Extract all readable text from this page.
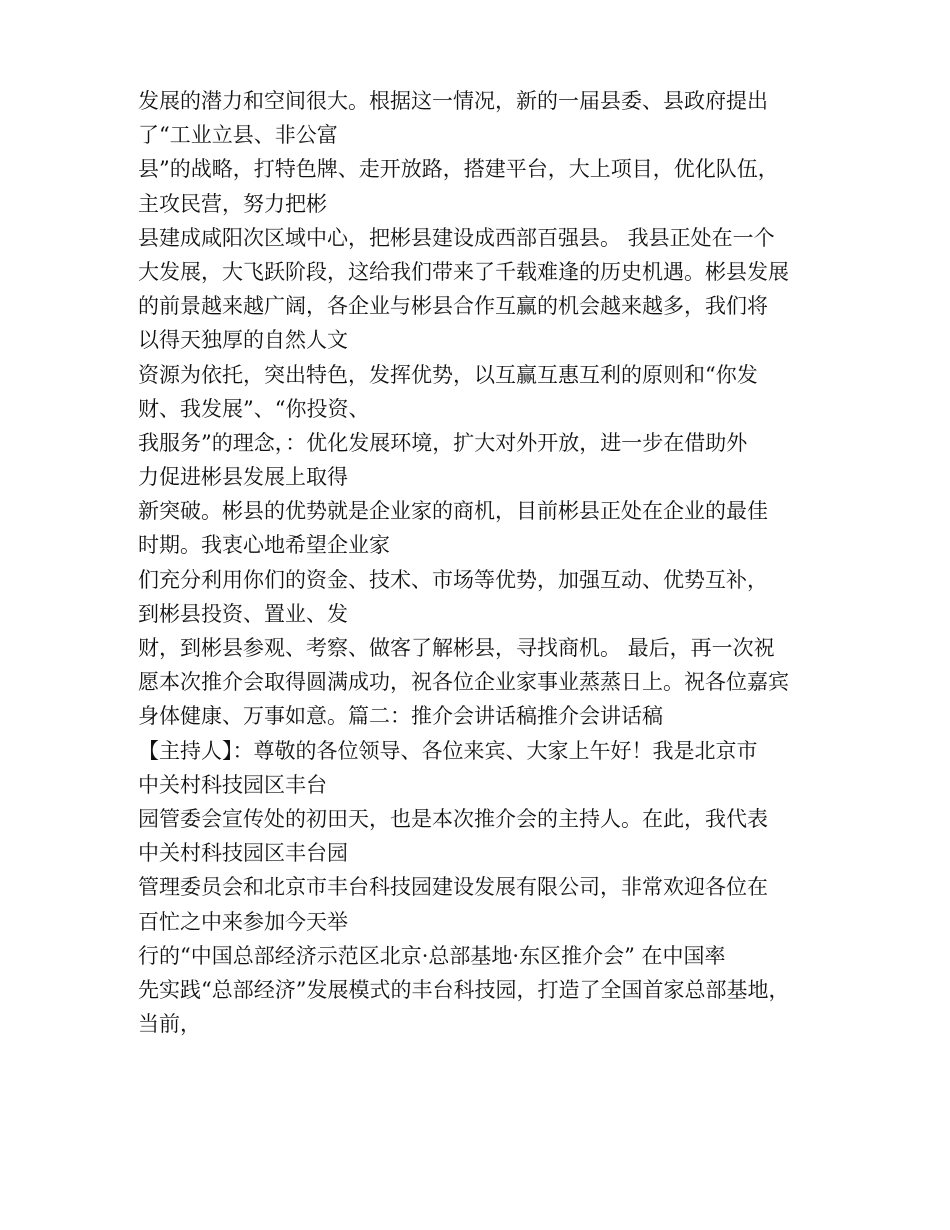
发展的潜力和空间很大。根据这一情况，新的一届县委、县政府提出
了“工业立县、非公富
县”的战略，打特色牌、走开放路，搭建平台，大上项目，优化队伍，
主攻民营，努力把彬
县建成咸阳次区域中心，把彬县建设成西部百强县。 我县正处在一个
大发展，大飞跃阶段，这给我们带来了千载难逢的历史机遇。彬县发展
的前景越来越广阔，各企业与彬县合作互赢的机会越来越多，我们将
以得天独厚的自然人文
资源为依托，突出特色，发挥优势，以互赢互惠互利的原则和“你发
财、我发展”、“你投资、
我服务”的理念，：优化发展环境，扩大对外开放，进一步在借助外
力促进彬县发展上取得
新突破。彬县的优势就是企业家的商机，目前彬县正处在企业的最佳
时期。我衷心地希望企业家
们充分利用你们的资金、技术、市场等优势，加强互动、优势互补，
到彬县投资、置业、发
财，到彬县参观、考察、做客了解彬县，寻找商机。 最后，再一次祝
愿本次推介会取得圆满成功，祝各位企业家事业蒸蒸日上。祝各位嘉宾
身体健康、万事如意。篇二：推介会讲话稿推介会讲话稿
【主持人】：尊敬的各位领导、各位来宾、大家上午好！我是北京市
中关村科技园区丰台
园管委会宣传处的初田天，也是本次推介会的主持人。在此，我代表
中关村科技园区丰台园
管理委员会和北京市丰台科技园建设发展有限公司，非常欢迎各位在
百忙之中来参加今天举
行的“中国总部经济示范区北京·总部基地·东区推介会” 在中国率
先实践“总部经济”发展模式的丰台科技园，打造了全国首家总部基地，
当前，
